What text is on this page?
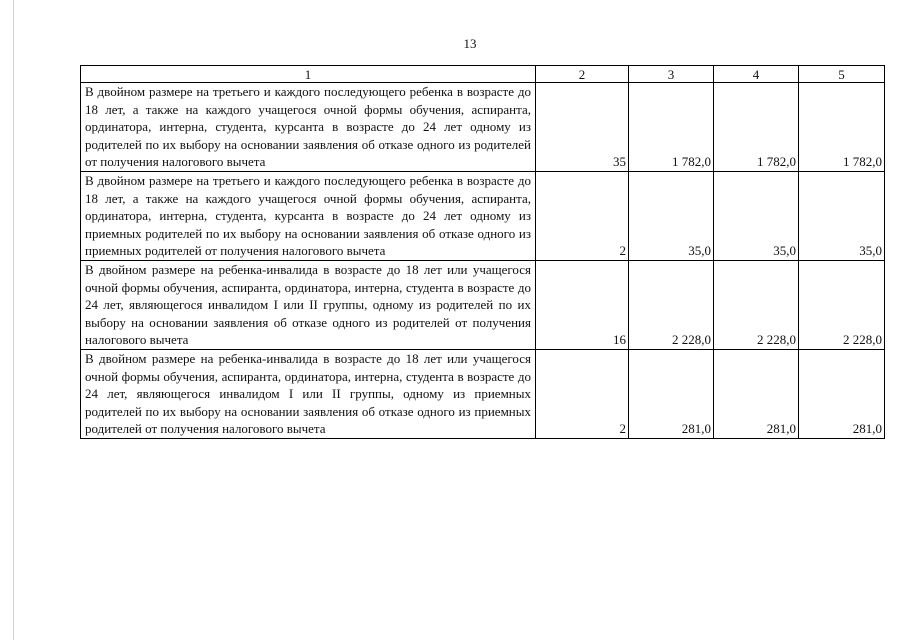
13
1	2	3	4	5
В двойном размере на третьего и каждого последующего ребенка в возрасте до 18 лет, а также на каждого учащегося очной формы обучения, аспиранта, ординатора, интерна, студента, курсанта в возрасте до 24 лет одному из родителей по их выбору на основании заявления об отказе одного из родителей от получения налогового вычета	35	1 782,0	1 782,0	1 782,0
В двойном размере на третьего и каждого последующего ребенка в возрасте до 18 лет, а также на каждого учащегося очной формы обучения, аспиранта, ординатора, интерна, студента, курсанта в возрасте до 24 лет одному из приемных родителей по их выбору на основании заявления об отказе одного из приемных родителей от получения налогового вычета	2	35,0	35,0	35,0
В двойном размере на ребенка-инвалида в возрасте до 18 лет или учащегося очной формы обучения, аспиранта, ординатора, интерна, студента в возрасте до 24 лет, являющегося инвалидом I или II группы, одному из родителей по их выбору на основании заявления об отказе одного из родителей от получения налогового вычета	16	2 228,0	2 228,0	2 228,0
В двойном размере на ребенка-инвалида в возрасте до 18 лет или учащегося очной формы обучения, аспиранта, ординатора, интерна, студента в возрасте до 24 лет, являющегося инвалидом I или II группы, одному из приемных родителей по их выбору на основании заявления об отказе одного из приемных родителей от получения налогового вычета	2	281,0	281,0	281,0
